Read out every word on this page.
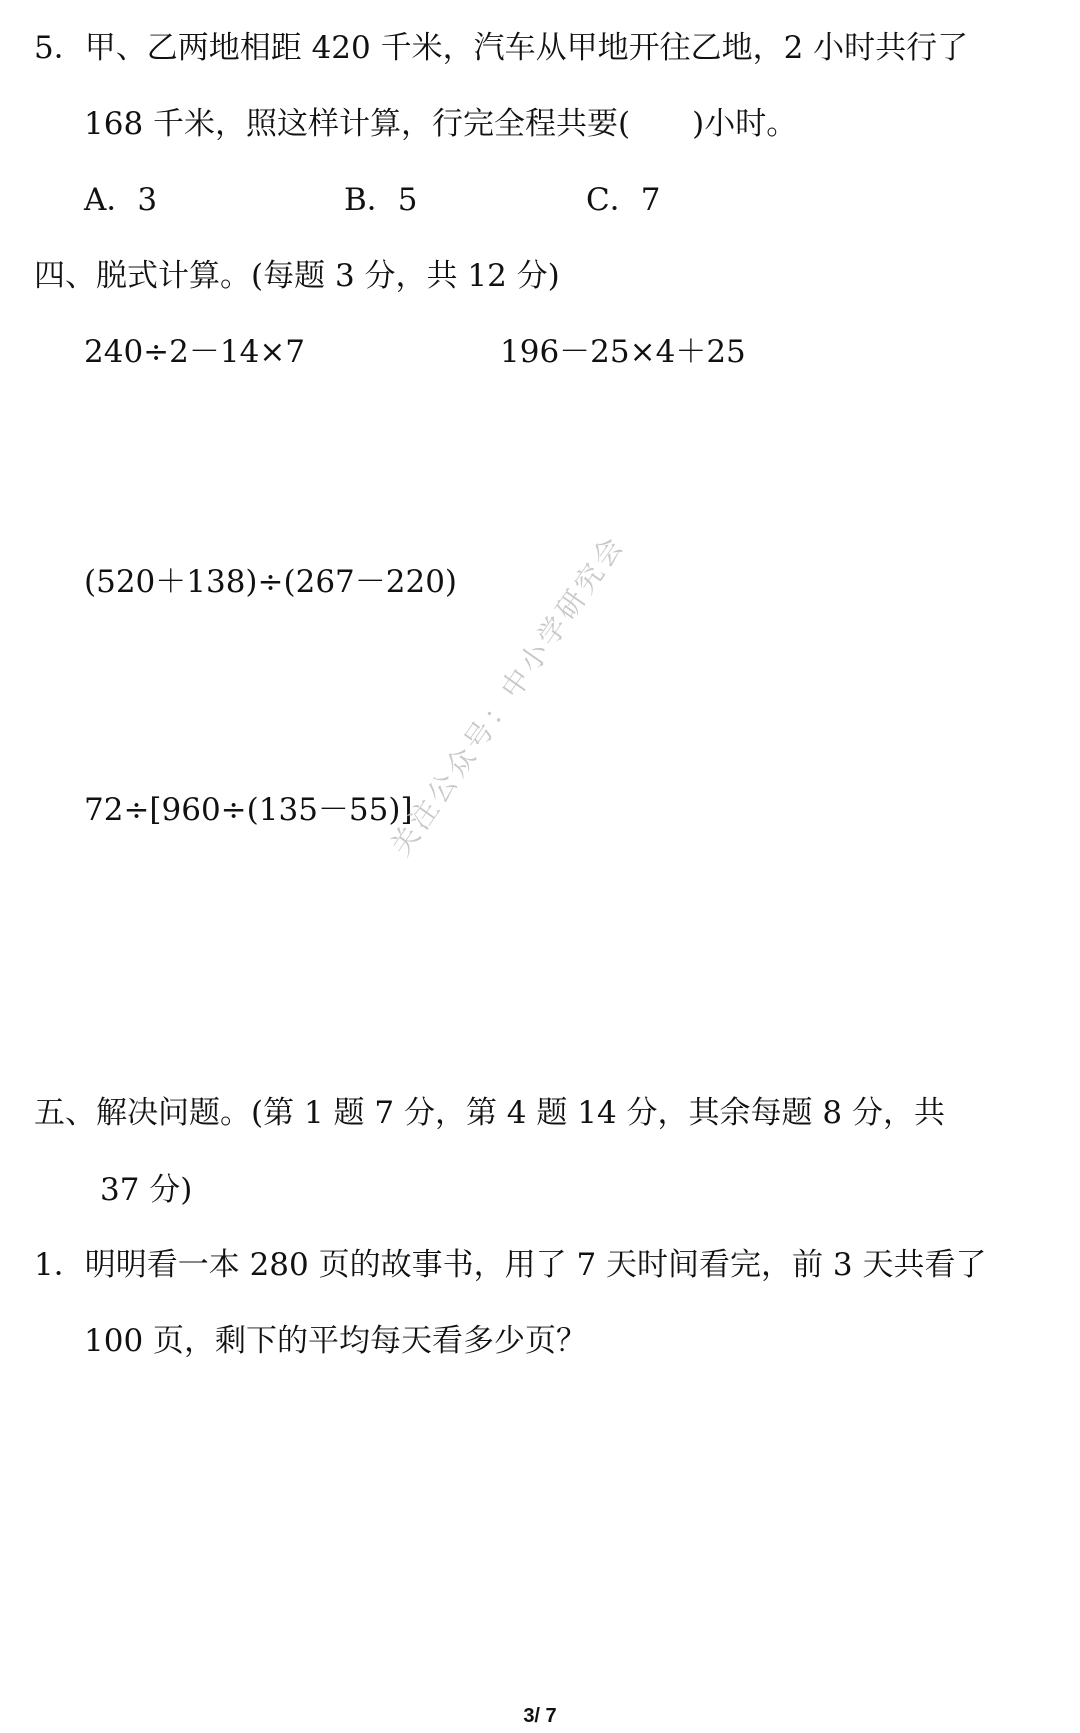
5．甲、乙两地相距 420 千米，汽车从甲地开往乙地，2 小时共行了
168 千米，照这样计算，行完全程共要(　　)小时。
A．3	B．5	C．7
四、脱式计算。(每题 3 分，共 12 分)
240÷2－14×7	196－25×4＋25
(520＋138)÷(267－220)
72÷[960÷(135－55)]
关注公众号：中小学研究会
五、解决问题。(第 1 题 7 分，第 4 题 14 分，其余每题 8 分，共
37 分)
1．明明看一本 280 页的故事书，用了 7 天时间看完，前 3 天共看了
100 页，剩下的平均每天看多少页？
3/ 7
